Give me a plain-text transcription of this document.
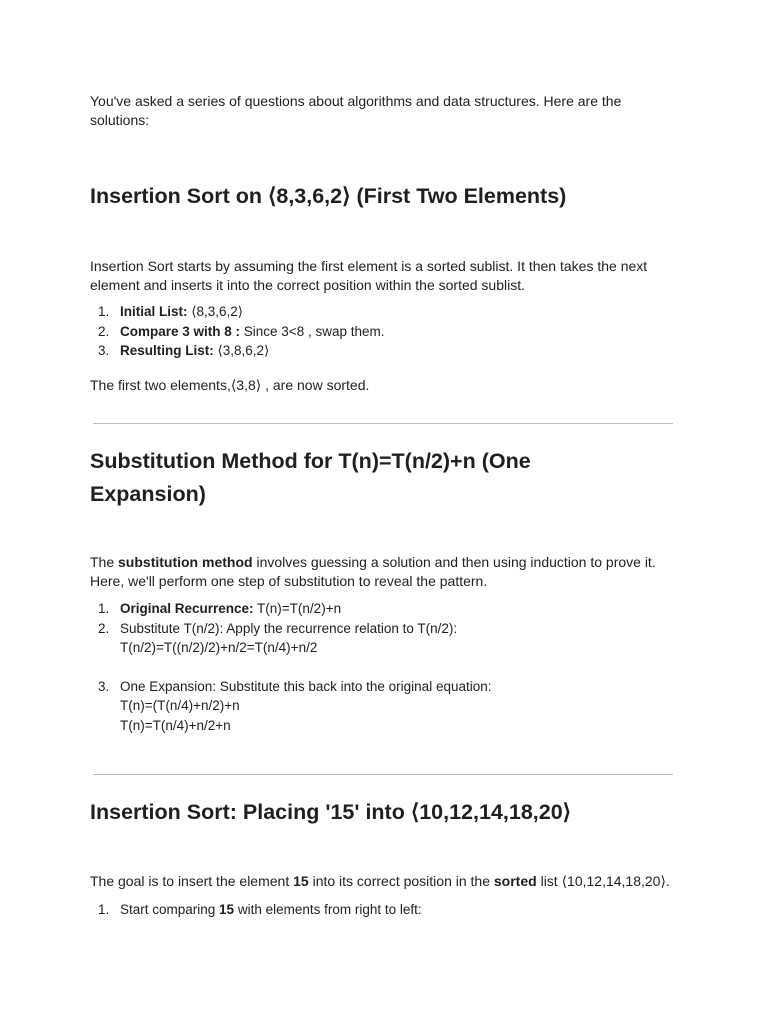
You've asked a series of questions about algorithms and data structures. Here are the solutions:

Insertion Sort on ⟨8,3,6,2⟩ (First Two Elements)

Insertion Sort starts by assuming the first element is a sorted sublist. It then takes the next element and inserts it into the correct position within the sorted sublist.

1. Initial List: ⟨8,3,6,2⟩
2. Compare 3 with 8 : Since 3<8 , swap them.
3. Resulting List: ⟨3,8,6,2⟩

The first two elements,⟨3,8⟩ , are now sorted.

Substitution Method for T(n)=T(n/2)+n (One
Expansion)

The substitution method involves guessing a solution and then using induction to prove it. Here, we'll perform one step of substitution to reveal the pattern.

1. Original Recurrence: T(n)=T(n/2)+n
2. Substitute T(n/2): Apply the recurrence relation to T(n/2):
T(n/2)=T((n/2)/2)+n/2=T(n/4)+n/2
3. One Expansion: Substitute this back into the original equation:
T(n)=(T(n/4)+n/2)+n
T(n)=T(n/4)+n/2+n
Insertion Sort: Placing '15' into ⟨10,12,14,18,20⟩

The goal is to insert the element 15 into its correct position in the sorted list ⟨10,12,14,18,20⟩.

1. Start comparing 15 with elements from right to left:
